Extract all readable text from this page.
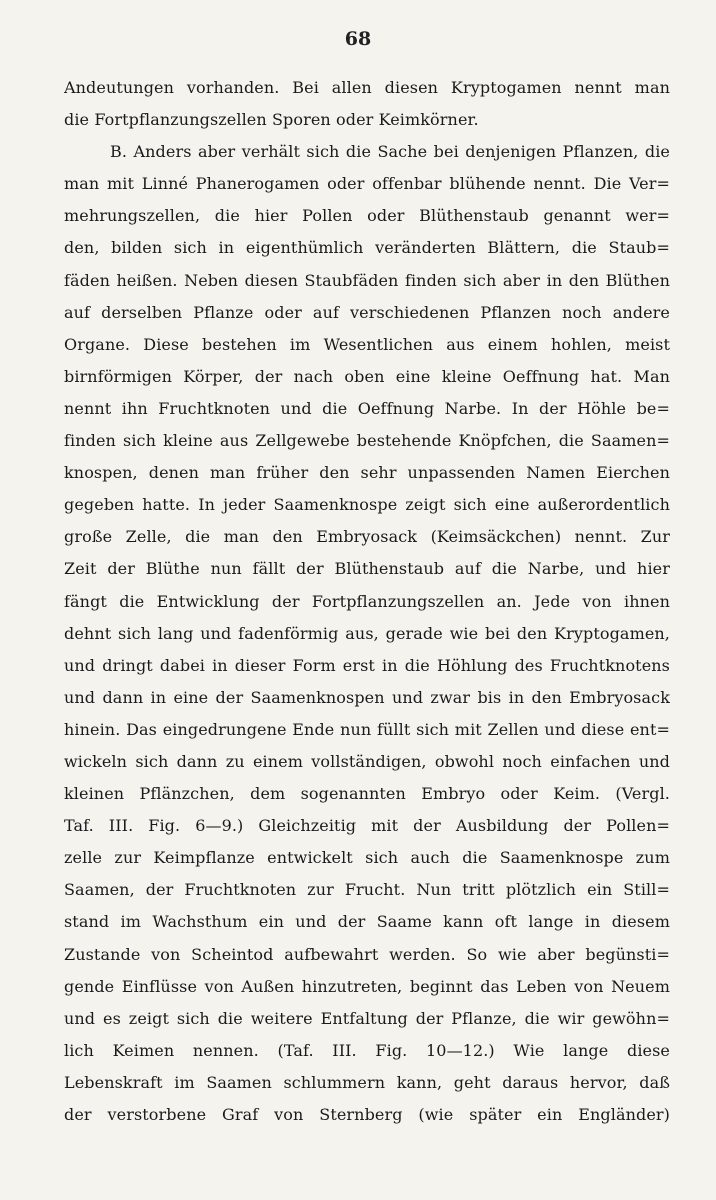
68
Andeutungen vorhanden. Bei allen diesen Kryptogamen nennt man
die Fortpflanzungszellen Sporen oder Keimkörner.
B. Anders aber verhält sich die Sache bei denjenigen Pflanzen, die
man mit Linné Phanerogamen oder offenbar blühende nennt. Die Ver=
mehrungszellen, die hier Pollen oder Blüthenstaub genannt wer=
den, bilden sich in eigenthümlich veränderten Blättern, die Staub=
fäden heißen. Neben diesen Staubfäden finden sich aber in den Blüthen
auf derselben Pflanze oder auf verschiedenen Pflanzen noch andere
Organe. Diese bestehen im Wesentlichen aus einem hohlen, meist
birnförmigen Körper, der nach oben eine kleine Oeffnung hat. Man
nennt ihn Fruchtknoten und die Oeffnung Narbe. In der Höhle be=
finden sich kleine aus Zellgewebe bestehende Knöpfchen, die Saamen=
knospen, denen man früher den sehr unpassenden Namen Eierchen
gegeben hatte. In jeder Saamenknospe zeigt sich eine außerordentlich
große Zelle, die man den Embryosack (Keimsäckchen) nennt. Zur
Zeit der Blüthe nun fällt der Blüthenstaub auf die Narbe, und hier
fängt die Entwicklung der Fortpflanzungszellen an. Jede von ihnen
dehnt sich lang und fadenförmig aus, gerade wie bei den Kryptogamen,
und dringt dabei in dieser Form erst in die Höhlung des Fruchtknotens
und dann in eine der Saamenknospen und zwar bis in den Embryosack
hinein. Das eingedrungene Ende nun füllt sich mit Zellen und diese ent=
wickeln sich dann zu einem vollständigen, obwohl noch einfachen und
kleinen Pflänzchen, dem sogenannten Embryo oder Keim. (Vergl.
Taf. III. Fig. 6—9.) Gleichzeitig mit der Ausbildung der Pollen=
zelle zur Keimpflanze entwickelt sich auch die Saamenknospe zum
Saamen, der Fruchtknoten zur Frucht. Nun tritt plötzlich ein Still=
stand im Wachsthum ein und der Saame kann oft lange in diesem
Zustande von Scheintod aufbewahrt werden. So wie aber begünsti=
gende Einflüsse von Außen hinzutreten, beginnt das Leben von Neuem
und es zeigt sich die weitere Entfaltung der Pflanze, die wir gewöhn=
lich Keimen nennen. (Taf. III. Fig. 10—12.) Wie lange diese
Lebenskraft im Saamen schlummern kann, geht daraus hervor, daß
der verstorbene Graf von Sternberg (wie später ein Engländer)
